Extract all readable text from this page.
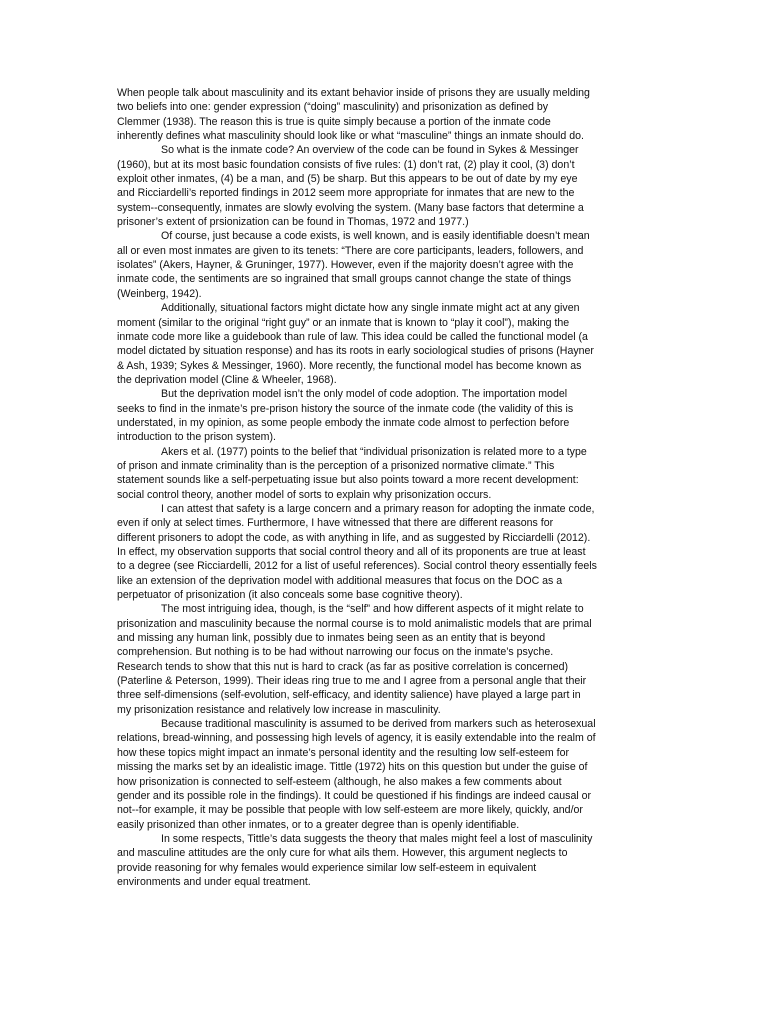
When people talk about masculinity and its extant behavior inside of prisons they are usually melding
two beliefs into one: gender expression (“doing” masculinity) and prisonization as defined by
Clemmer (1938). The reason this is true is quite simply because a portion of the inmate code
inherently defines what masculinity should look like or what “masculine” things an inmate should do.

So what is the inmate code? An overview of the code can be found in Sykes & Messinger
(1960), but at its most basic foundation consists of five rules: (1) don’t rat, (2) play it cool, (3) don’t
exploit other inmates, (4) be a man, and (5) be sharp. But this appears to be out of date by my eye
and Ricciardelli’s reported findings in 2012 seem more appropriate for inmates that are new to the
system--consequently, inmates are slowly evolving the system. (Many base factors that determine a
prisoner’s extent of prsionization can be found in Thomas, 1972 and 1977.)

Of course, just because a code exists, is well known, and is easily identifiable doesn’t mean
all or even most inmates are given to its tenets: “There are core participants, leaders, followers, and
isolates” (Akers, Hayner, & Gruninger, 1977). However, even if the majority doesn’t agree with the
inmate code, the sentiments are so ingrained that small groups cannot change the state of things
(Weinberg, 1942).

Additionally, situational factors might dictate how any single inmate might act at any given
moment (similar to the original “right guy” or an inmate that is known to “play it cool”), making the
inmate code more like a guidebook than rule of law. This idea could be called the functional model (a
model dictated by situation response) and has its roots in early sociological studies of prisons (Hayner
& Ash, 1939; Sykes & Messinger, 1960). More recently, the functional model has become known as
the deprivation model (Cline & Wheeler, 1968).

But the deprivation model isn’t the only model of code adoption. The importation model
seeks to find in the inmate’s pre-prison history the source of the inmate code (the validity of this is
understated, in my opinion, as some people embody the inmate code almost to perfection before
introduction to the prison system).

Akers et al. (1977) points to the belief that “individual prisonization is related more to a type
of prison and inmate criminality than is the perception of a prisonized normative climate.” This
statement sounds like a self-perpetuating issue but also points toward a more recent development:
social control theory, another model of sorts to explain why prisonization occurs.

I can attest that safety is a large concern and a primary reason for adopting the inmate code,
even if only at select times. Furthermore, I have witnessed that there are different reasons for
different prisoners to adopt the code, as with anything in life, and as suggested by Ricciardelli (2012).
In effect, my observation supports that social control theory and all of its proponents are true at least
to a degree (see Ricciardelli, 2012 for a list of useful references). Social control theory essentially feels
like an extension of the deprivation model with additional measures that focus on the DOC as a
perpetuator of prisonization (it also conceals some base cognitive theory).

The most intriguing idea, though, is the “self” and how different aspects of it might relate to
prisonization and masculinity because the normal course is to mold animalistic models that are primal
and missing any human link, possibly due to inmates being seen as an entity that is beyond
comprehension. But nothing is to be had without narrowing our focus on the inmate’s psyche.
Research tends to show that this nut is hard to crack (as far as positive correlation is concerned)
(Paterline & Peterson, 1999). Their ideas ring true to me and I agree from a personal angle that their
three self-dimensions (self-evolution, self-efficacy, and identity salience) have played a large part in
my prisonization resistance and relatively low increase in masculinity.

Because traditional masculinity is assumed to be derived from markers such as heterosexual
relations, bread-winning, and possessing high levels of agency, it is easily extendable into the realm of
how these topics might impact an inmate’s personal identity and the resulting low self-esteem for
missing the marks set by an idealistic image. Tittle (1972) hits on this question but under the guise of
how prisonization is connected to self-esteem (although, he also makes a few comments about
gender and its possible role in the findings). It could be questioned if his findings are indeed causal or
not--for example, it may be possible that people with low self-esteem are more likely, quickly, and/or
easily prisonized than other inmates, or to a greater degree than is openly identifiable.

In some respects, Tittle’s data suggests the theory that males might feel a lost of masculinity
and masculine attitudes are the only cure for what ails them. However, this argument neglects to
provide reasoning for why females would experience similar low self-esteem in equivalent
environments and under equal treatment.
